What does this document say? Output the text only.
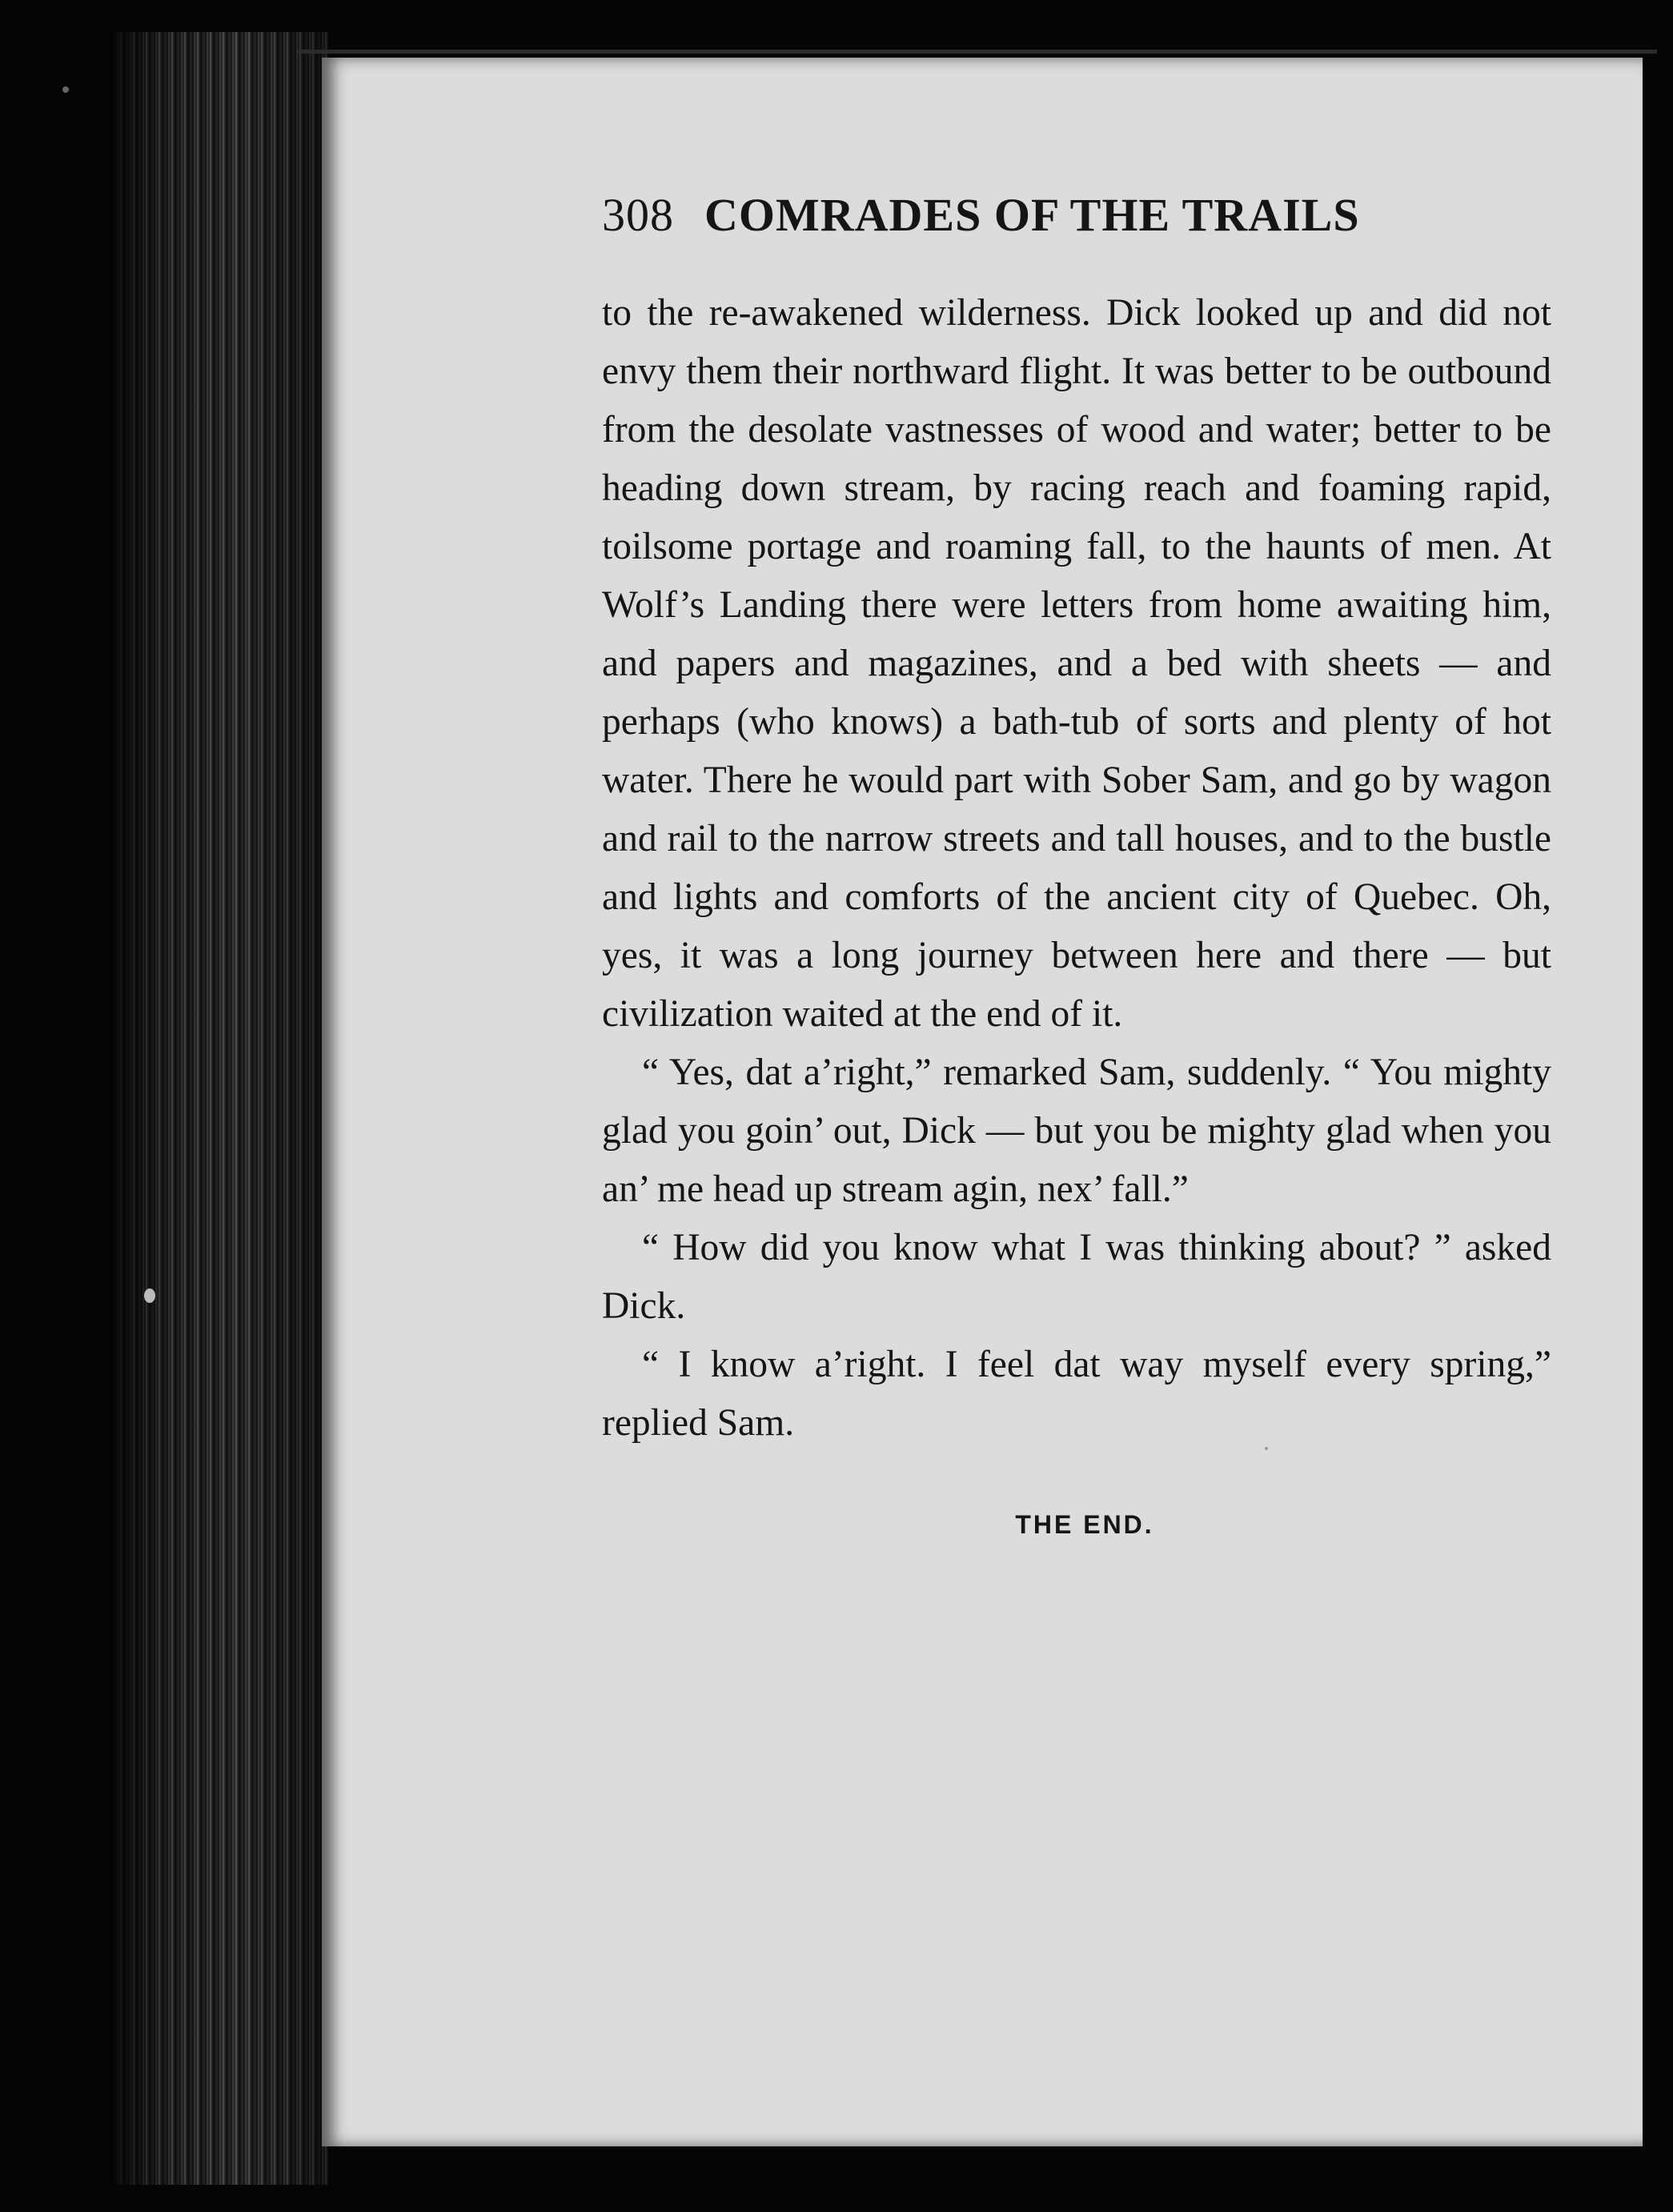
308 COMRADES OF THE TRAILS

to the re-awakened wilderness. Dick looked up and did not envy them their northward flight. It was better to be outbound from the desolate vastnesses of wood and water; better to be heading down stream, by racing reach and foaming rapid, toilsome portage and roaming fall, to the haunts of men. At Wolf’s Landing there were letters from home awaiting him, and papers and magazines, and a bed with sheets — and perhaps (who knows) a bath-tub of sorts and plenty of hot water. There he would part with Sober Sam, and go by wagon and rail to the narrow streets and tall houses, and to the bustle and lights and comforts of the ancient city of Quebec. Oh, yes, it was a long journey between here and there — but civilization waited at the end of it.

“ Yes, dat a’right,” remarked Sam, suddenly. “ You mighty glad you goin’ out, Dick — but you be mighty glad when you an’ me head up stream agin, nex’ fall.”

“ How did you know what I was thinking about? ” asked Dick.

“ I know a’right. I feel dat way myself every spring,” replied Sam.

THE END.
